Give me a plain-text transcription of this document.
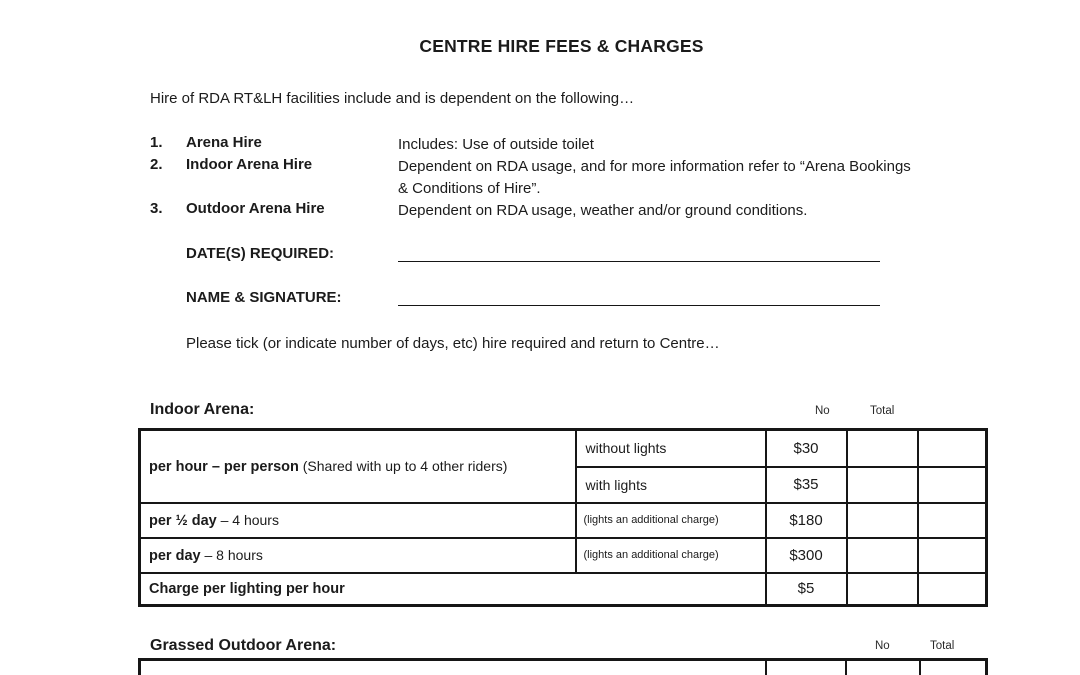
CENTRE HIRE FEES & CHARGES
Hire of RDA RT&LH facilities include and is dependent on the following…
1. Arena Hire	Includes: Use of outside toilet
2. Indoor Arena Hire	Dependent on RDA usage, and for more information refer to “Arena Bookings & Conditions of Hire”.
3. Outdoor Arena Hire	Dependent on RDA usage, weather and/or ground conditions.
DATE(S) REQUIRED:
NAME & SIGNATURE:
Please tick (or indicate number of days, etc) hire required and return to Centre…
Indoor Arena:	No	Total
per hour – per person (Shared with up to 4 other riders)	without lights	$30		
	with lights	$35		
per ½ day – 4 hours	(lights an additional charge)	$180		
per day – 8 hours	(lights an additional charge)	$300		
Charge per lighting per hour		$5		
Grassed Outdoor Arena:	No	Total
